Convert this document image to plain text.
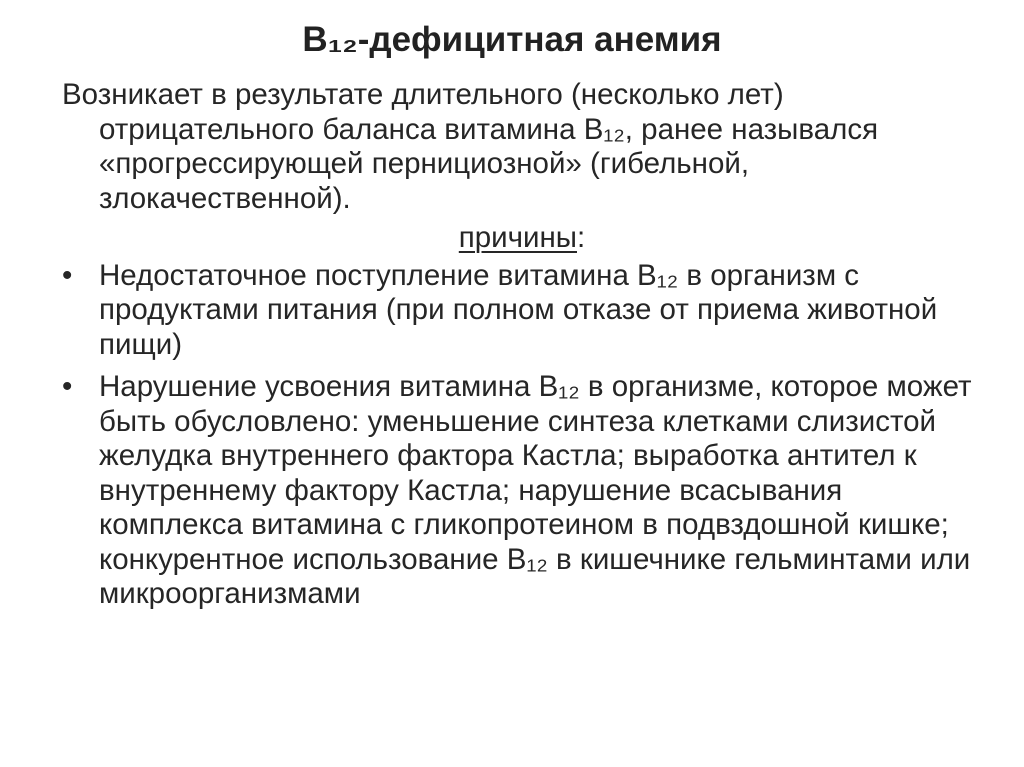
B₁₂-дефицитная анемия

Возникает в результате длительного (несколько лет) отрицательного баланса витамина B₁₂, ранее назывался «прогрессирующей пернициозной» (гибельной, злокачественной).

причины:
• Недостаточное поступление витамина B₁₂ в организм с продуктами питания (при полном отказе от приема животной пищи)
• Нарушение усвоения витамина B₁₂ в организме, которое может быть обусловлено: уменьшение синтеза клетками слизистой желудка внутреннего фактора Кастла; выработка антител к внутреннему фактору Кастла; нарушение всасывания комплекса витамина с гликопротеином в подвздошной кишке; конкурентное использование B₁₂ в кишечнике гельминтами или микроорганизмами
